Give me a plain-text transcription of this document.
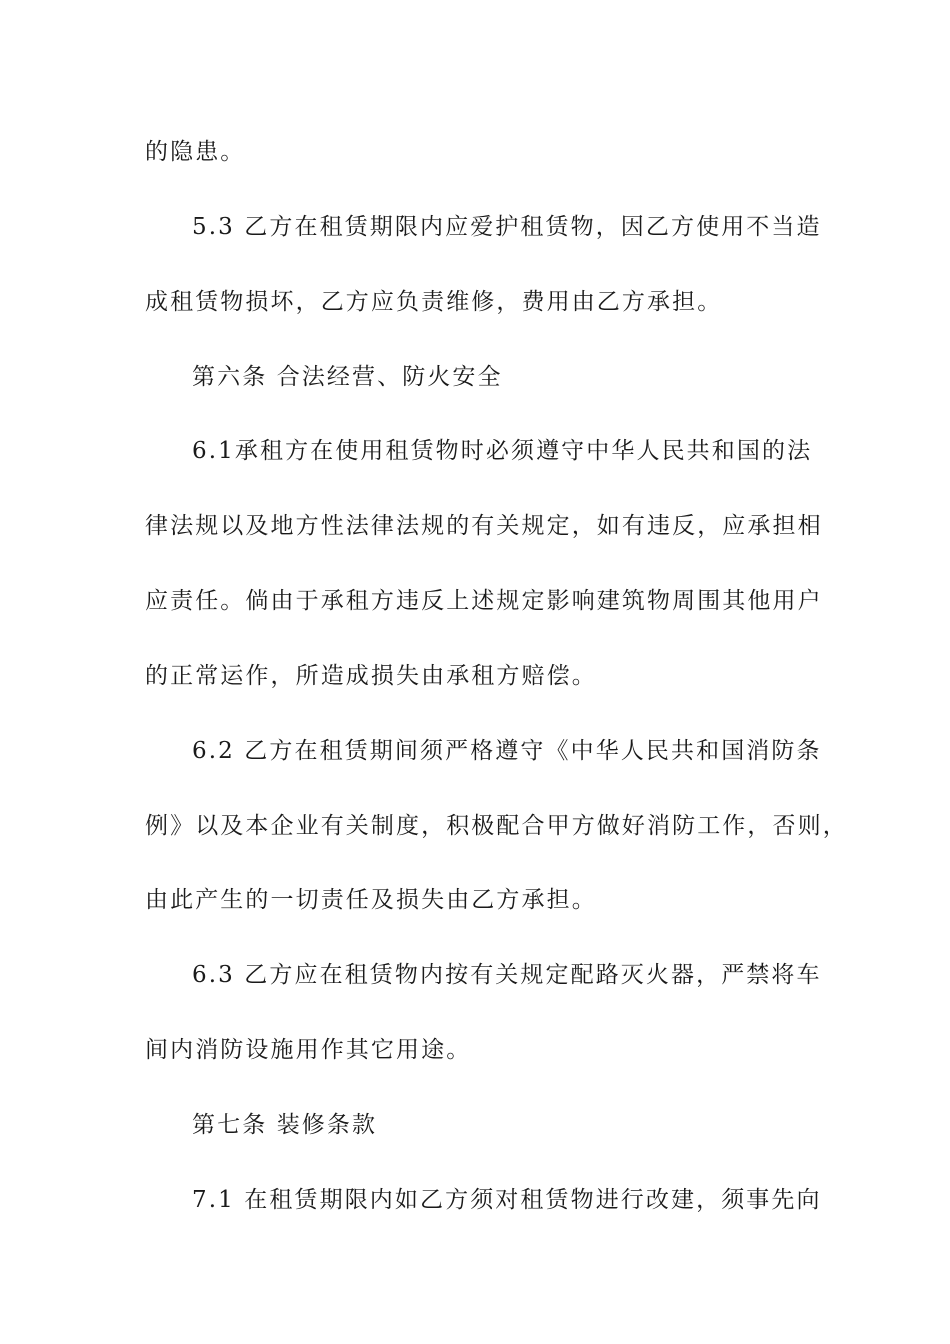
的隐患。
5.3 乙方在租赁期限内应爱护租赁物，因乙方使用不当造
成租赁物损坏，乙方应负责维修，费用由乙方承担。
第六条 合法经营、防火安全
6.1承租方在使用租赁物时必须遵守中华人民共和国的法
律法规以及地方性法律法规的有关规定，如有违反，应承担相
应责任。倘由于承租方违反上述规定影响建筑物周围其他用户
的正常运作，所造成损失由承租方赔偿。
6.2 乙方在租赁期间须严格遵守《中华人民共和国消防条
例》以及本企业有关制度，积极配合甲方做好消防工作，否则，
由此产生的一切责任及损失由乙方承担。
6.3 乙方应在租赁物内按有关规定配路灭火器，严禁将车
间内消防设施用作其它用途。
第七条 装修条款
7.1 在租赁期限内如乙方须对租赁物进行改建，须事先向
